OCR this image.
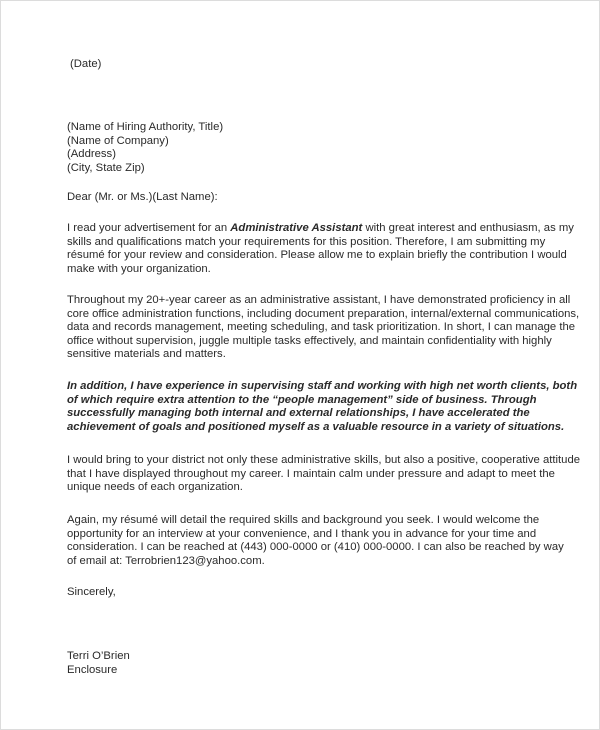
(Date)

(Name of Hiring Authority, Title)
(Name of Company)
(Address)
(City, State Zip)

Dear (Mr. or Ms.)(Last Name):

I read your advertisement for an Administrative Assistant with great interest and enthusiasm, as my
skills and qualifications match your requirements for this position. Therefore, I am submitting my
résumé for your review and consideration. Please allow me to explain briefly the contribution I would
make with your organization.

Throughout my 20+-year career as an administrative assistant, I have demonstrated proficiency in all
core office administration functions, including document preparation, internal/external communications,
data and records management, meeting scheduling, and task prioritization. In short, I can manage the
office without supervision, juggle multiple tasks effectively, and maintain confidentiality with highly
sensitive materials and matters.

In addition, I have experience in supervising staff and working with high net worth clients, both
of which require extra attention to the “people management” side of business. Through
successfully managing both internal and external relationships, I have accelerated the
achievement of goals and positioned myself as a valuable resource in a variety of situations.

I would bring to your district not only these administrative skills, but also a positive, cooperative attitude
that I have displayed throughout my career. I maintain calm under pressure and adapt to meet the
unique needs of each organization.

Again, my résumé will detail the required skills and background you seek. I would welcome the
opportunity for an interview at your convenience, and I thank you in advance for your time and
consideration. I can be reached at (443) 000-0000 or (410) 000-0000. I can also be reached by way
of email at: Terrobrien123@yahoo.com.

Sincerely,

Terri O’Brien
Enclosure
